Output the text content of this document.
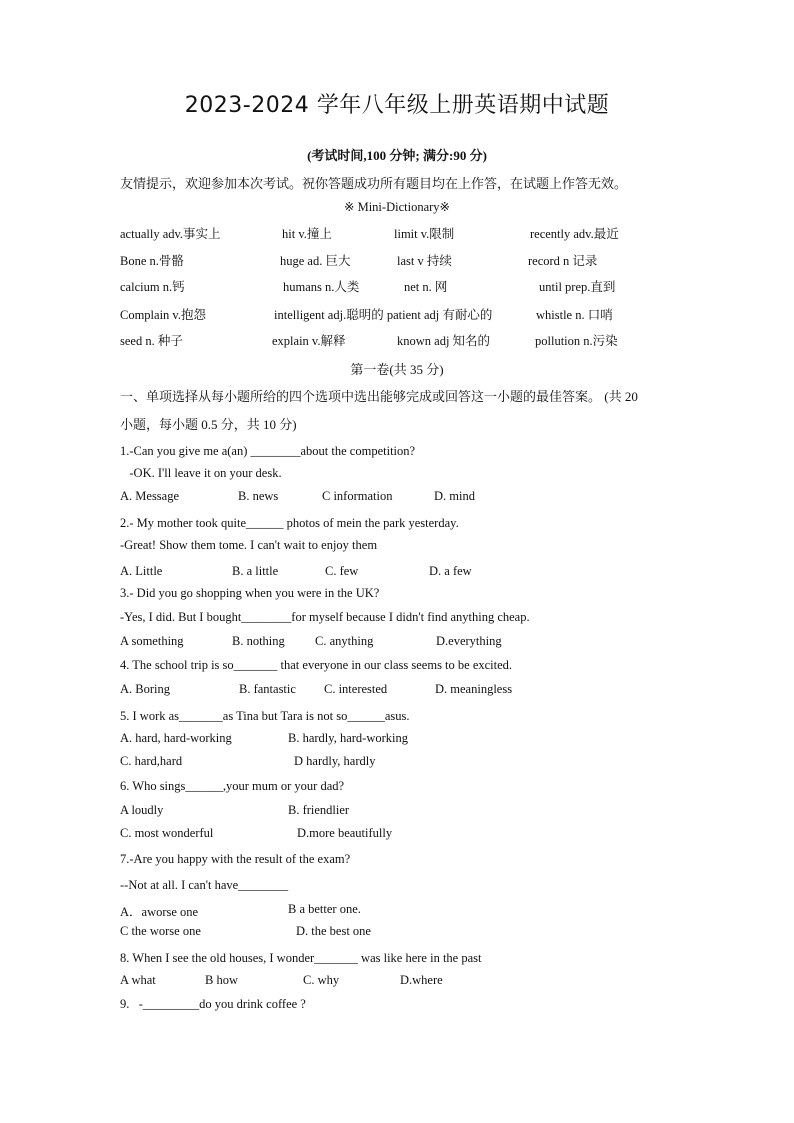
2023-2024 学年八年级上册英语期中试题
(考试时间,100 分钟; 满分:90 分)
友情提示，欢迎参加本次考试。祝你答题成功所有题目均在上作答，在试题上作答无效。
※ Mini-Dictionary※
actually adv.事实上	hit v.撞上	limit v.限制	recently adv.最近
Bone n.骨骼	huge ad. 巨大	last v 持续	record n 记录
calcium n.钙	humans n.人类	net n. 网	until prep.直到
Complain v.抱怨	intelligent adj.聪明的 patient adj 有耐心的	whistle n. 口哨
seed n. 种子	explain v.解释	known adj 知名的	pollution n.污染
第一卷(共 35 分)
一、单项选择从每小题所给的四个选项中选出能够完成或回答这一小题的最佳答案。 (共 20
小题，每小题 0.5 分，共 10 分)
1.-Can you give me a(an) ________about the competition?
-OK. I'll leave it on your desk.
A. Message	B. news	C information	D. mind
2.- My mother took quite______ photos of mein the park yesterday.
-Great! Show them tome. I can't wait to enjoy them
A. Little	B. a little	C. few	D. a few
3.- Did you go shopping when you were in the UK?
-Yes, I did. But I bought________for myself because I didn't find anything cheap.
A something	B. nothing C. anything	D.everything
4. The school trip is so_______ that everyone in our class seems to be excited.
A. Boring	B. fantastic C. interested	D. meaningless
5. I work as_______as Tina but Tara is not so______asus.
A. hard, hard-working	B. hardly, hard-working
C. hard,hard	D hardly, hardly
6. Who sings______,your mum or your dad?
A loudly	B. friendlier
C. most wonderful	D.more beautifully
7.-Are you happy with the result of the exam?
--Not at all. I can't have________
A．aworse one	B a better one.
C the worse one	D. the best one
8. When I see the old houses, I wonder_______ was like here in the past
A what	B how	C. why	D.where
9.   -_________do you drink coffee ?
